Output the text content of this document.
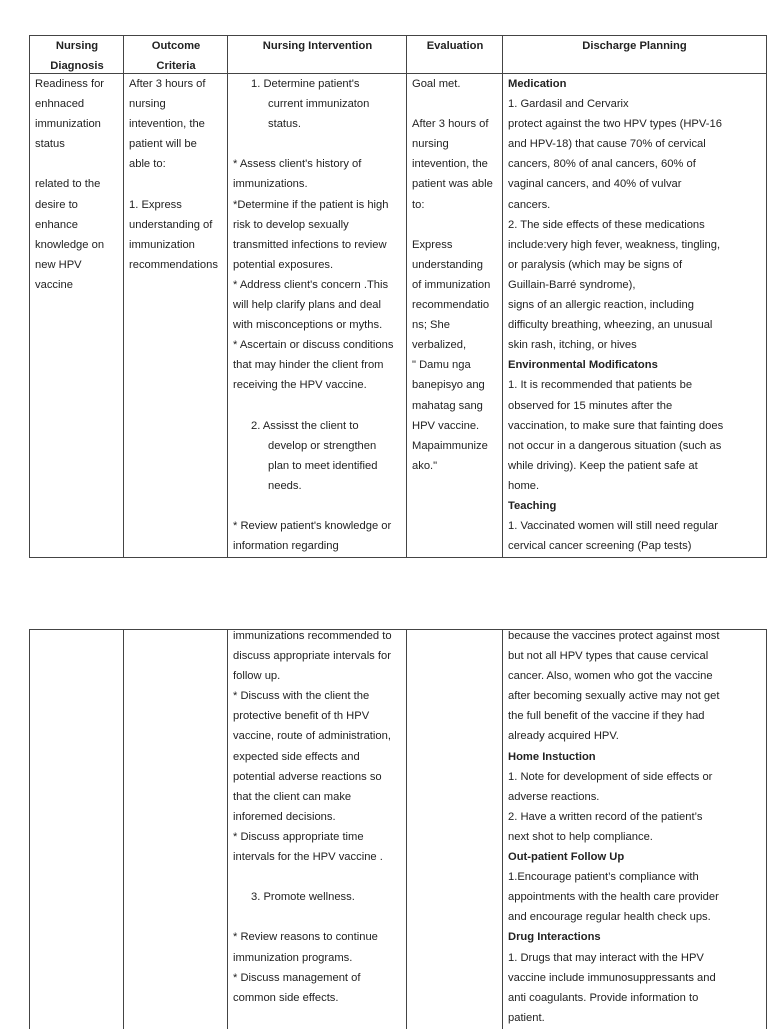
Nursing
Diagnosis
Readiness for
enhnaced
immunization
status
related to the
desire to
enhance
knowledge on
new HPV
vaccine
Outcome
Criteria
After 3 hours of
nursing
intevention, the
patient will be
able to:
1. Express
understanding of
immunization
recommendations
Nursing Intervention
1. Determine patient's
current immunizaton
status.
* Assess client's history of
immunizations.
*Determine if the patient is high
risk to develop sexually
transmitted infections to review
potential exposures.
* Address client's concern .This
will help clarify plans and deal
with misconceptions or myths.
* Ascertain or discuss conditions
that may hinder the client from
receiving the HPV vaccine.
2. Assisst the client to
develop or strengthen
plan to meet identified
needs.
* Review patient's knowledge or
information regarding
Evaluation
Goal met.
After 3 hours of
nursing
intevention, the
patient was able
to:
Express
understanding
of immunization
recommendatio
ns; She
verbalized,
" Damu nga
banepisyo ang
mahatag sang
HPV vaccine.
Mapaimmunize
ako."
Discharge Planning
Medication
1. Gardasil and Cervarix
protect against the two HPV types (HPV-16
and HPV-18) that cause 70% of cervical
cancers, 80% of anal cancers, 60% of
vaginal cancers, and 40% of vulvar
cancers.
2. The side effects of these medications
include:very high fever, weakness, tingling,
or paralysis (which may be signs of
Guillain-Barré syndrome),
signs of an allergic reaction, including
difficulty breathing, wheezing, an unusual
skin rash, itching, or hives
Environmental Modificatons
1. It is recommended that patients be
observed for 15 minutes after the
vaccination, to make sure that fainting does
not occur in a dangerous situation (such as
while driving). Keep the patient safe at
home.
Teaching
1. Vaccinated women will still need regular
cervical cancer screening (Pap tests)
immunizations recommended to
discuss appropriate intervals for
follow up.
* Discuss with the client the
protective benefit of th HPV
vaccine, route of administration,
expected side effects and
potential adverse reactions so
that the client can make
inforemed decisions.
* Discuss appropriate time
intervals for the HPV vaccine .
3. Promote wellness.
* Review reasons to continue
immunization programs.
* Discuss management of
common side effects.
because the vaccines protect against most
but not all HPV types that cause cervical
cancer. Also, women who got the vaccine
after becoming sexually active may not get
the full benefit of the vaccine if they had
already acquired HPV.
Home Instuction
1. Note for development of side effects or
adverse reactions.
2. Have a written record of the patient’s
next shot to help compliance.
Out-patient Follow Up
1.Encourage patient’s compliance with
appointments with the health care provider
and encourage regular health check ups.
Drug Interactions
1. Drugs that may interact with the HPV
vaccine include immunosuppressants and
anti coagulants. Provide information to
patient.
